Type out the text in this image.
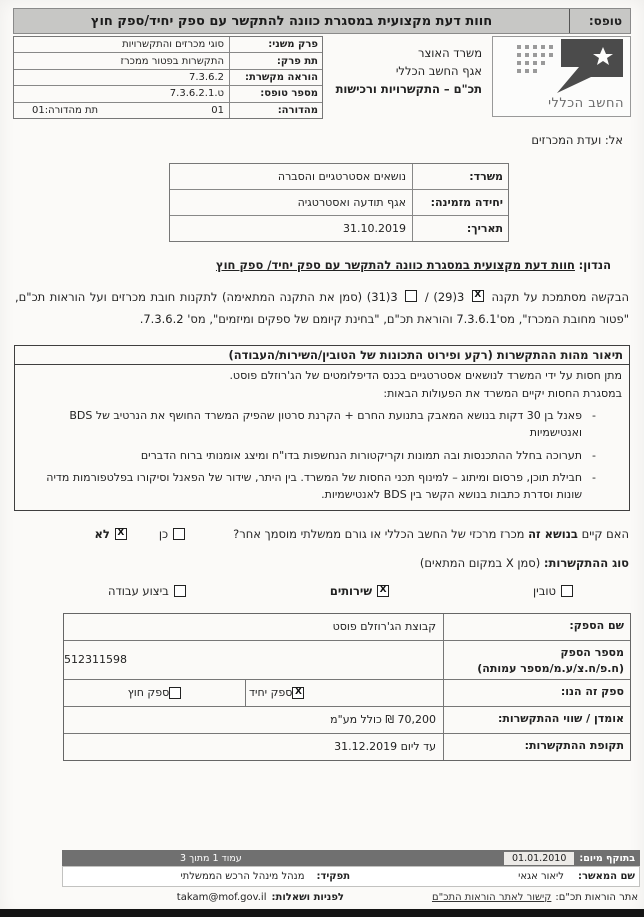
טופס:
חוות דעת מקצועית במסגרת כוונה להתקשר עם ספק יחיד/ספק חוץ
החשב הכללי
משרד האוצר
אגף החשב הכללי
תכ"ם – התקשרויות ורכישות
פרק משני:
סוגי מכרזים והתקשרויות
תת פרק:
התקשרות בפטור ממכרז
הוראה מקשרת:
7.3.6.2
מספר טופס:
ט.7.3.6.2.1
מהדורה:
01
תת מהדורה:01
אל: ועדת המכרזים
משרד:
נושאים אסטרטגיים והסברה
יחידה מזמינה:
אגף תודעה ואסטרטגיה
תאריך:
31.10.2019
הנדון: חוות דעת מקצועית במסגרת כוונה להתקשר עם ספק יחיד/ ספק חוץ
הבקשה מסתמכת על תקנה X 3(29) /  3(31) (סמן את התקנה המתאימה) לתקנות חובת מכרזים ועל הוראות תכ"ם, "פטור מחובת המכרז", מס'7.3.6.1 והוראת תכ"ם, "בחינת קיומם של ספקים ומיזמים", מס' 7.3.6.2.
תיאור מהות ההתקשרות (רקע ופירוט התכונות של הטובין/השירות/העבודה)
מתן חסות על ידי המשרד לנושאים אסטרטגיים בכנס הדיפלומטים של הג'רוזלם פוסט.
במסגרת החסות יקיים המשרד את הפעולות הבאות:
-
פאנל בן 30 דקות בנושא המאבק בתנועת החרם + הקרנת סרטון שהפיק המשרד החושף את הנרטיב של BDS ואנטישמיות
-
תערוכה בחלל ההתכנסות ובה תמונות וקריקטורות הנחשפות בדו"ח ומיצג אומנותי ברוח הדברים
-
חבילת תוכן, פרסום ומיתוג – למינוף תכני החסות של המשרד. בין היתר, שידור של הפאנל וסיקורו בפלטפורמות מדיה שונות וסדרת כתבות בנושא הקשר בין BDS לאנטישמיות.
האם קיים בנושא זה מכרז מרכזי של החשב הכללי או גורם ממשלתי מוסמך אחר?
כן
X
לא
סוג ההתקשרות: (סמן X במקום המתאים)
טובין
X
שירותים
ביצוע עבודה
שם הספק:
קבוצת הג'רוזלם פוסט
מספר הספק
(ח.פ/ח.צ/ע.מ/מספר עמותה)
512311598
ספק זה הנו:
X
ספק יחיד
ספק חוץ
אומדן / שווי ההתקשרות:
70,200 ₪ כולל מע"מ
תקופת ההתקשרות:
עד ליום 31.12.2019
בתוקף מיום:
01.01.2010
עמוד 1 מתוך 3
שם המאשר:
ליאור אגאי
תפקיד:
מנהל מינהל הרכש הממשלתי
אתר הוראות תכ"ם:
קישור לאתר הוראות התכ"ם
לפניות ושאלות:
takam@mof.gov.il
